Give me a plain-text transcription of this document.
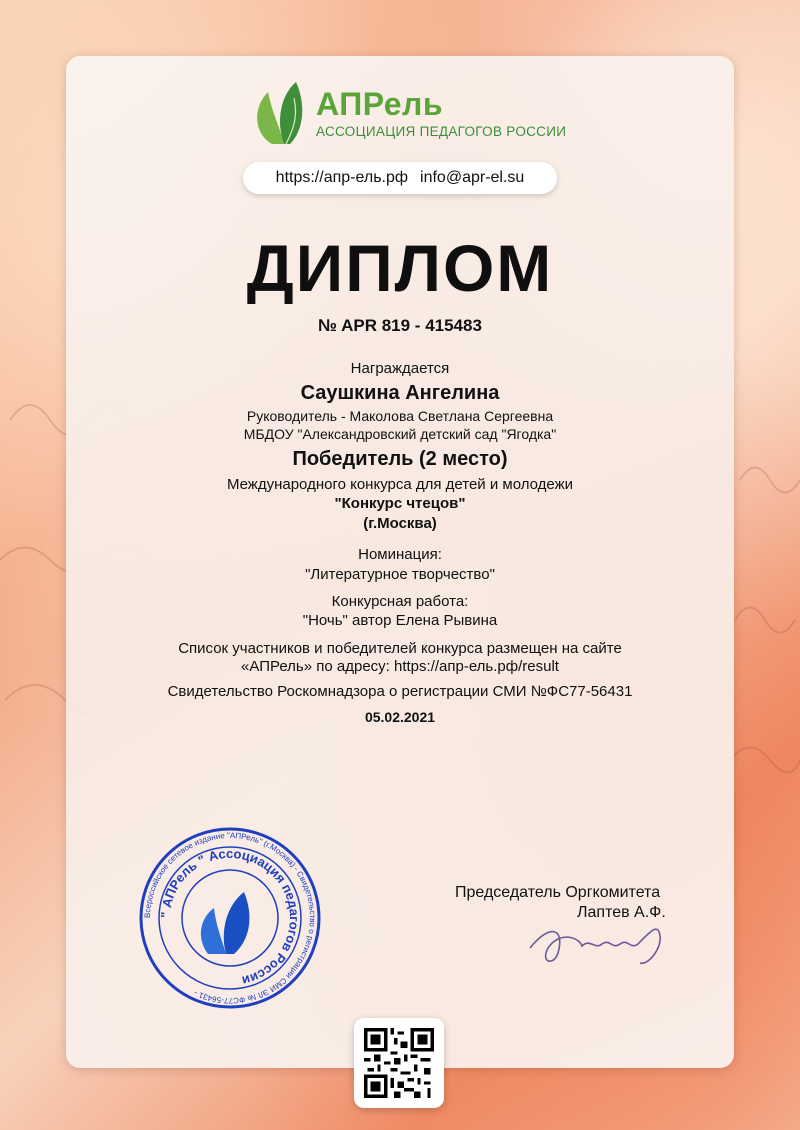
АПРель
АССОЦИАЦИЯ ПЕДАГОГОВ РОССИИ
https://апр-ель.рф info@apr-el.su
ДИПЛОМ
№ APR 819 - 415483
Награждается
Саушкина Ангелина
Руководитель - Маколова Светлана Сергеевна
МБДОУ "Александровский детский сад "Ягодка"
Победитель (2 место)
Международного конкурса для детей и молодежи
"Конкурс чтецов"
(г.Москва)
Номинация:
"Литературное творчество"
Конкурсная работа:
"Ночь" автор Елена Рывина
Список участников и победителей конкурса размещен на сайте
«АПРель» по адресу: https://апр-ель.рф/result
Свидетельство Роскомнадзора о регистрации СМИ №ФС77-56431
05.02.2021
Всероссийское сетевое издание "АПРель" (г.Москва) - Свидетельство о регистрации СМИ ЭЛ № ФС77-56431 -
" АПРель " Ассоциация педагогов России
Председатель Оргкомитета
Лаптев А.Ф.
